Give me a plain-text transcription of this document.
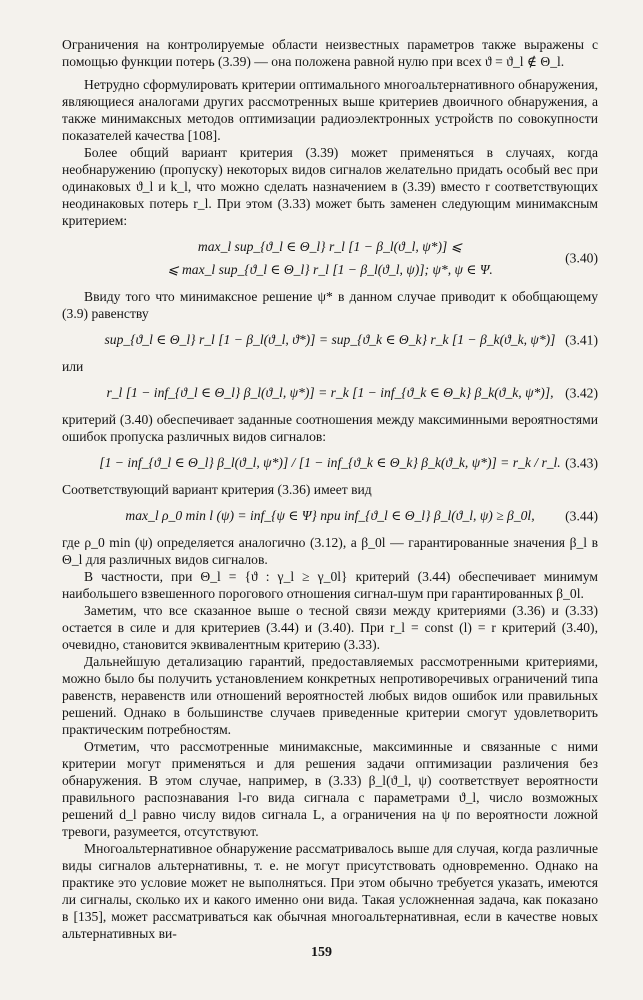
Ограничения на контролируемые области неизвестных параметров также выражены с помощью функции потерь (3.39) — она положена равной нулю при всех ϑ = ϑ_l ∉ Θ_l.

Нетрудно сформулировать критерии оптимального многоальтернативного обнаружения, являющиеся аналогами других рассмотренных выше критериев двоичного обнаружения, а также минимаксных методов оптимизации радиоэлектронных устройств по совокупности показателей качества [108].

Более общий вариант критерия (3.39) может применяться в случаях, когда необнаружению (пропуску) некоторых видов сигналов желательно придать особый вес при одинаковых ϑ_l и k_l, что можно сделать назначением в (3.39) вместо r соответствующих неодинаковых потерь r_l. При этом (3.33) может быть заменен следующим минимаксным критерием:

max_l sup_{ϑ_l ∈ Θ_l} r_l [1 − β_l(ϑ_l, ψ*)] ⩽
⩽ max_l sup_{ϑ_l ∈ Θ_l} r_l [1 − β_l(ϑ_l, ψ)]; ψ*, ψ ∈ Ψ.
(3.40)

Ввиду того что минимаксное решение ψ* в данном случае приводит к обобщающему (3.9) равенству

sup_{ϑ_l ∈ Θ_l} r_l [1 − β_l(ϑ_l, ϑ*)] = sup_{ϑ_k ∈ Θ_k} r_k [1 − β_k(ϑ_k, ψ*)] (3.41)

или

r_l [1 − inf_{ϑ_l ∈ Θ_l} β_l(ϑ_l, ψ*)] = r_k [1 − inf_{ϑ_k ∈ Θ_k} β_k(ϑ_k, ψ*)], (3.42)

критерий (3.40) обеспечивает заданные соотношения между максиминными вероятностями ошибок пропуска различных видов сигналов:

[1 − inf_{ϑ_l ∈ Θ_l} β_l(ϑ_l, ψ*)] / [1 − inf_{ϑ_k ∈ Θ_k} β_k(ϑ_k, ψ*)] = r_k / r_l. (3.43)

Соответствующий вариант критерия (3.36) имеет вид

max_l ρ_0 min l (ψ) = inf_{ψ ∈ Ψ} при inf_{ϑ_l ∈ Θ_l} β_l(ϑ_l, ψ) ≥ β_0l,	(3.44)

где ρ_0 min (ψ) определяется аналогично (3.12), а β_0l — гарантированные значения β_l в Θ_l для различных видов сигналов.

В частности, при Θ_l = {ϑ : γ_l ≥ γ_0l} критерий (3.44) обеспечивает минимум наибольшего взвешенного порогового отношения сигнал-шум при гарантированных β_0l.

Заметим, что все сказанное выше о тесной связи между критериями (3.36) и (3.33) остается в силе и для критериев (3.44) и (3.40). При r_l = const (l) = r критерий (3.40), очевидно, становится эквивалентным критерию (3.33).

Дальнейшую детализацию гарантий, предоставляемых рассмотренными критериями, можно было бы получить установлением конкретных непротиворечивых ограничений типа равенств, неравенств или отношений вероятностей любых видов ошибок или правильных решений. Однако в большинстве случаев приведенные критерии смогут удовлетворить практическим потребностям.

Отметим, что рассмотренные минимаксные, максиминные и связанные с ними критерии могут применяться и для решения задачи оптимизации различения без обнаружения. В этом случае, например, в (3.33) β_l(ϑ_l, ψ) соответствует вероятности правильного распознавания l-го вида сигнала с параметрами ϑ_l, число возможных решений d_l равно числу видов сигнала L, а ограничения на ψ по вероятности ложной тревоги, разумеется, отсутствуют.

Многоальтернативное обнаружение рассматривалось выше для случая, когда различные виды сигналов альтернативны, т. е. не могут присутствовать одновременно. Однако на практике это условие может не выполняться. При этом обычно требуется указать, имеются ли сигналы, сколько их и какого именно они вида. Такая усложненная задача, как показано в [135], может рассматриваться как обычная многоальтернативная, если в качестве новых альтернативных ви-

159
